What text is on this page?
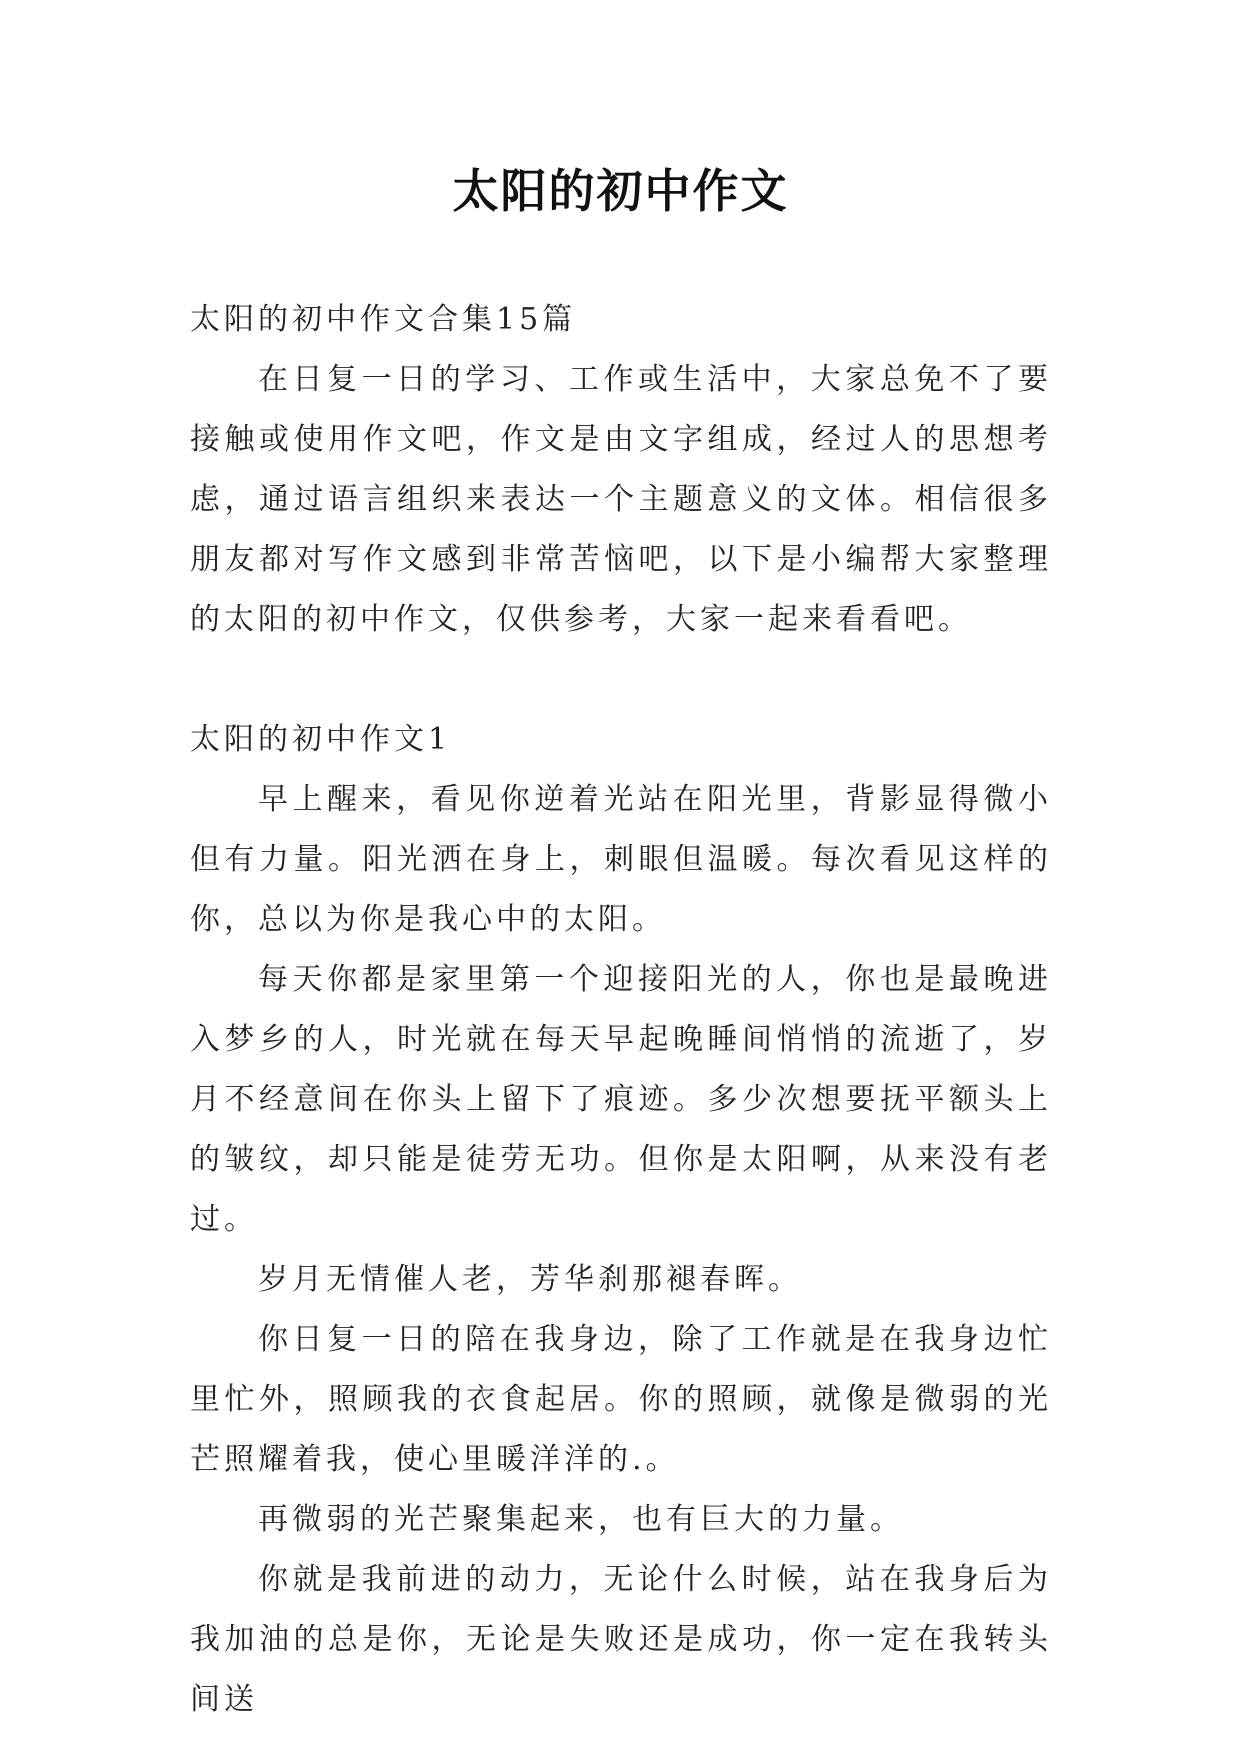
太阳的初中作文

太阳的初中作文合集15篇

在日复一日的学习、工作或生活中，大家总免不了要接触或使用作文吧，作文是由文字组成，经过人的思想考虑，通过语言组织来表达一个主题意义的文体。相信很多朋友都对写作文感到非常苦恼吧，以下是小编帮大家整理的太阳的初中作文，仅供参考，大家一起来看看吧。

太阳的初中作文1

早上醒来，看见你逆着光站在阳光里，背影显得微小但有力量。阳光洒在身上，刺眼但温暖。每次看见这样的你，总以为你是我心中的太阳。

每天你都是家里第一个迎接阳光的人，你也是最晚进入梦乡的人，时光就在每天早起晚睡间悄悄的流逝了，岁月不经意间在你头上留下了痕迹。多少次想要抚平额头上的皱纹，却只能是徒劳无功。但你是太阳啊，从来没有老过。

岁月无情催人老，芳华刹那褪春晖。

你日复一日的陪在我身边，除了工作就是在我身边忙里忙外，照顾我的衣食起居。你的照顾，就像是微弱的光芒照耀着我，使心里暖洋洋的.。

再微弱的光芒聚集起来，也有巨大的力量。

你就是我前进的动力，无论什么时候，站在我身后为我加油的总是你，无论是失败还是成功，你一定在我转头间送
